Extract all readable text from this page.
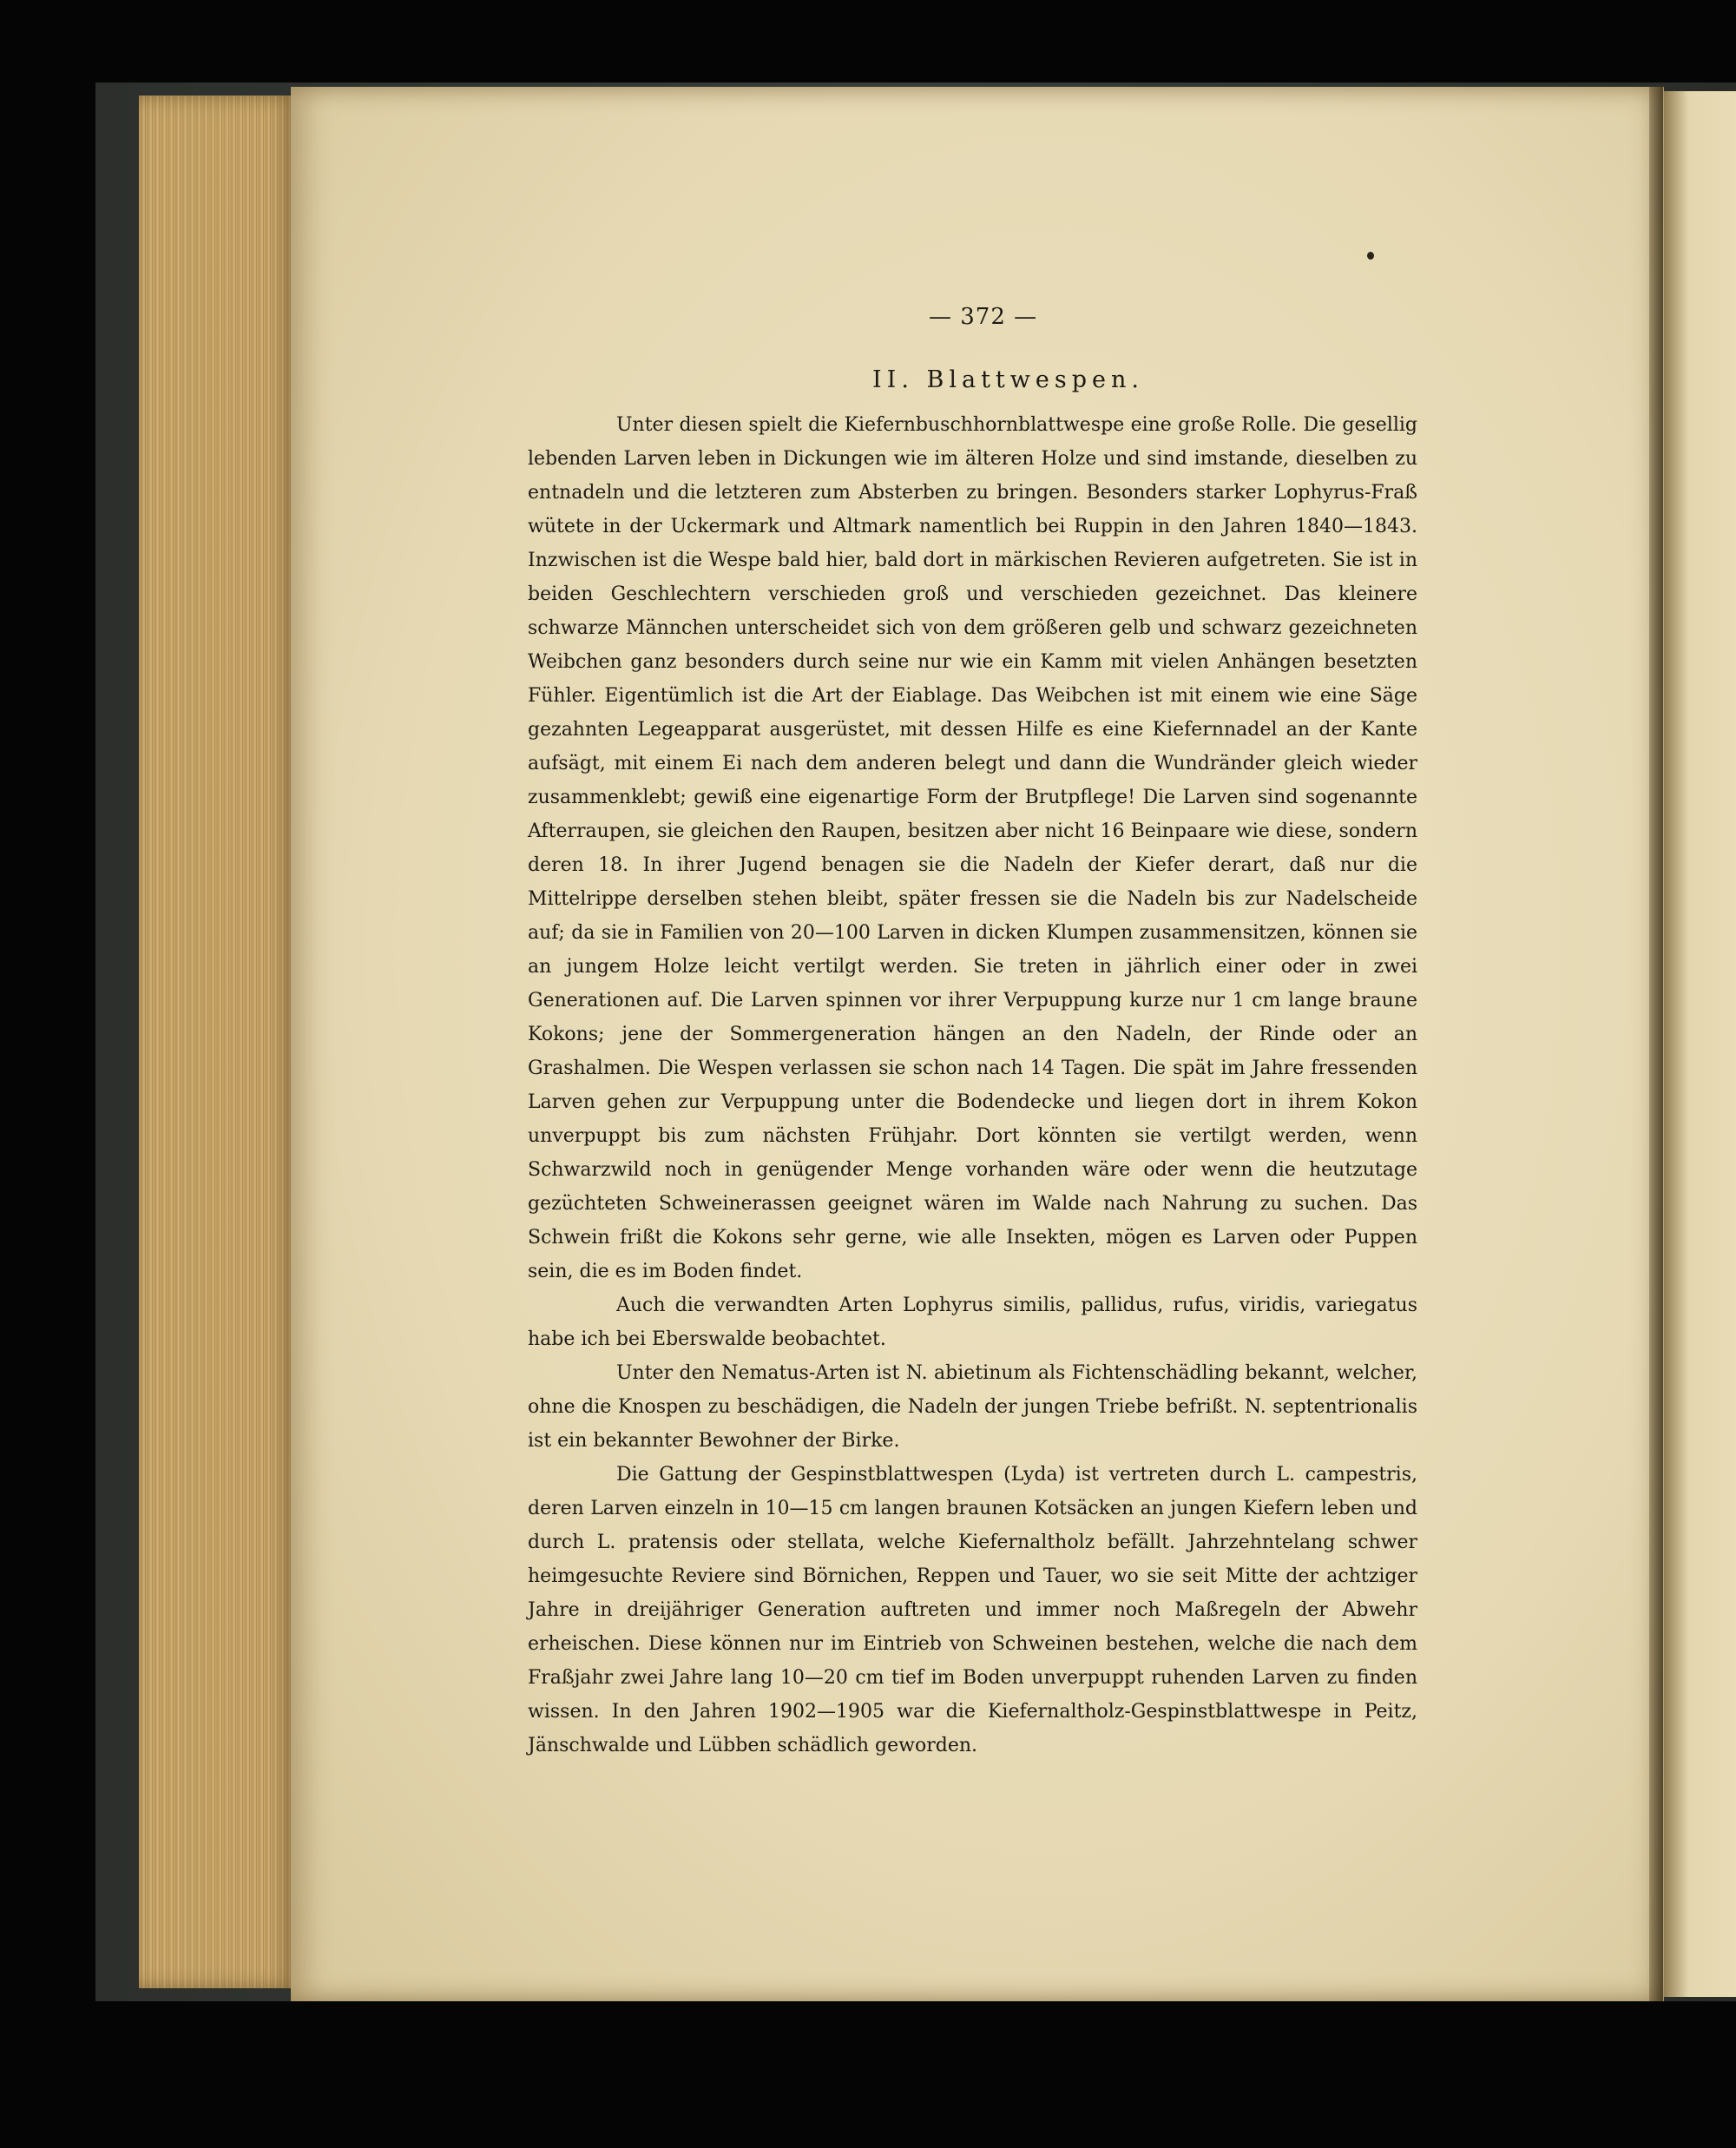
— 372 —
II. Blattwespen.

Unter diesen spielt die Kiefernbuschhornblattwespe eine große Rolle. Die gesellig lebenden Larven leben in Dickungen wie im älteren Holze und sind imstande, dieselben zu entnadeln und die letzteren zum Absterben zu bringen. Besonders starker Lophyrus-Fraß wütete in der Uckermark und Altmark namentlich bei Ruppin in den Jahren 1840—1843. Inzwischen ist die Wespe bald hier, bald dort in märkischen Revieren aufgetreten. Sie ist in beiden Geschlechtern verschieden groß und verschieden gezeichnet. Das kleinere schwarze Männchen unterscheidet sich von dem größeren gelb und schwarz gezeichneten Weibchen ganz besonders durch seine nur wie ein Kamm mit vielen Anhängen besetzten Fühler. Eigentümlich ist die Art der Eiablage. Das Weibchen ist mit einem wie eine Säge gezahnten Legeapparat ausgerüstet, mit dessen Hilfe es eine Kiefernnadel an der Kante aufsägt, mit einem Ei nach dem anderen belegt und dann die Wundränder gleich wieder zusammenklebt; gewiß eine eigenartige Form der Brutpflege! Die Larven sind sogenannte Afterraupen, sie gleichen den Raupen, besitzen aber nicht 16 Beinpaare wie diese, sondern deren 18. In ihrer Jugend benagen sie die Nadeln der Kiefer derart, daß nur die Mittelrippe derselben stehen bleibt, später fressen sie die Nadeln bis zur Nadelscheide auf; da sie in Familien von 20—100 Larven in dicken Klumpen zusammensitzen, können sie an jungem Holze leicht vertilgt werden. Sie treten in jährlich einer oder in zwei Generationen auf. Die Larven spinnen vor ihrer Verpuppung kurze nur 1 cm lange braune Kokons; jene der Sommergeneration hängen an den Nadeln, der Rinde oder an Grashalmen. Die Wespen verlassen sie schon nach 14 Tagen. Die spät im Jahre fressenden Larven gehen zur Verpuppung unter die Bodendecke und liegen dort in ihrem Kokon unverpuppt bis zum nächsten Frühjahr. Dort könnten sie vertilgt werden, wenn Schwarzwild noch in genügender Menge vorhanden wäre oder wenn die heutzutage gezüchteten Schweinerassen geeignet wären im Walde nach Nahrung zu suchen. Das Schwein frißt die Kokons sehr gerne, wie alle Insekten, mögen es Larven oder Puppen sein, die es im Boden findet.

Auch die verwandten Arten Lophyrus similis, pallidus, rufus, viridis, variegatus habe ich bei Eberswalde beobachtet.

Unter den Nematus-Arten ist N. abietinum als Fichtenschädling bekannt, welcher, ohne die Knospen zu beschädigen, die Nadeln der jungen Triebe befrißt. N. septentrionalis ist ein bekannter Bewohner der Birke.

Die Gattung der Gespinstblattwespen (Lyda) ist vertreten durch L. campestris, deren Larven einzeln in 10—15 cm langen braunen Kotsäcken an jungen Kiefern leben und durch L. pratensis oder stellata, welche Kiefernaltholz befällt. Jahrzehntelang schwer heimgesuchte Reviere sind Börnichen, Reppen und Tauer, wo sie seit Mitte der achtziger Jahre in dreijähriger Generation auftreten und immer noch Maßregeln der Abwehr erheischen. Diese können nur im Eintrieb von Schweinen bestehen, welche die nach dem Fraßjahr zwei Jahre lang 10—20 cm tief im Boden unverpuppt ruhenden Larven zu finden wissen. In den Jahren 1902—1905 war die Kiefernaltholz-Gespinstblattwespe in Peitz, Jänschwalde und Lübben schädlich geworden.
